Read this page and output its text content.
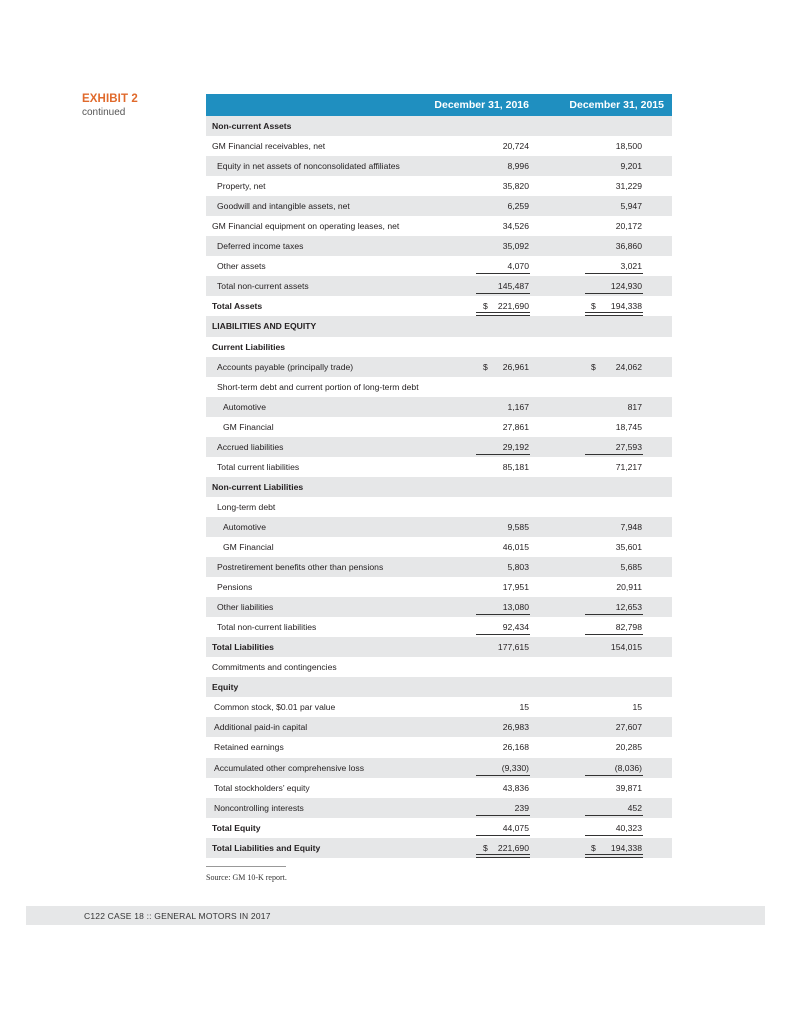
EXHIBIT 2
continued
December 31, 2016	December 31, 2015
Non-current Assets
GM Financial receivables, net	20,724	18,500
Equity in net assets of nonconsolidated affiliates	8,996	9,201
Property, net	35,820	31,229
Goodwill and intangible assets, net	6,259	5,947
GM Financial equipment on operating leases, net	34,526	20,172
Deferred income taxes	35,092	36,860
Other assets	4,070	3,021
Total non-current assets	145,487	124,930
Total Assets	221,690	194,338
$	$
LIABILITIES AND EQUITY
Current Liabilities
Accounts payable (principally trade)	26,961	24,062
$	$
Short-term debt and current portion of long-term debt
Automotive	1,167	817
GM Financial	27,861	18,745
Accrued liabilities	29,192	27,593
Total current liabilities	85,181	71,217
Non-current Liabilities
Long-term debt
Automotive	9,585	7,948
GM Financial	46,015	35,601
Postretirement benefits other than pensions	5,803	5,685
Pensions	17,951	20,911
Other liabilities	13,080	12,653
Total non-current liabilities	92,434	82,798
Total Liabilities	177,615	154,015
Commitments and contingencies
Equity
Common stock, $0.01 par value	15	15
Additional paid-in capital	26,983	27,607
Retained earnings	26,168	20,285
Accumulated other comprehensive loss	(9,330)	(8,036)
Total stockholders’ equity	43,836	39,871
Noncontrolling interests	239	452
Total Equity	44,075	40,323
Total Liabilities and Equity	221,690	194,338
$	$
Source: GM 10-K report.
C122 CASE 18 :: GENERAL MOTORS IN 2017
